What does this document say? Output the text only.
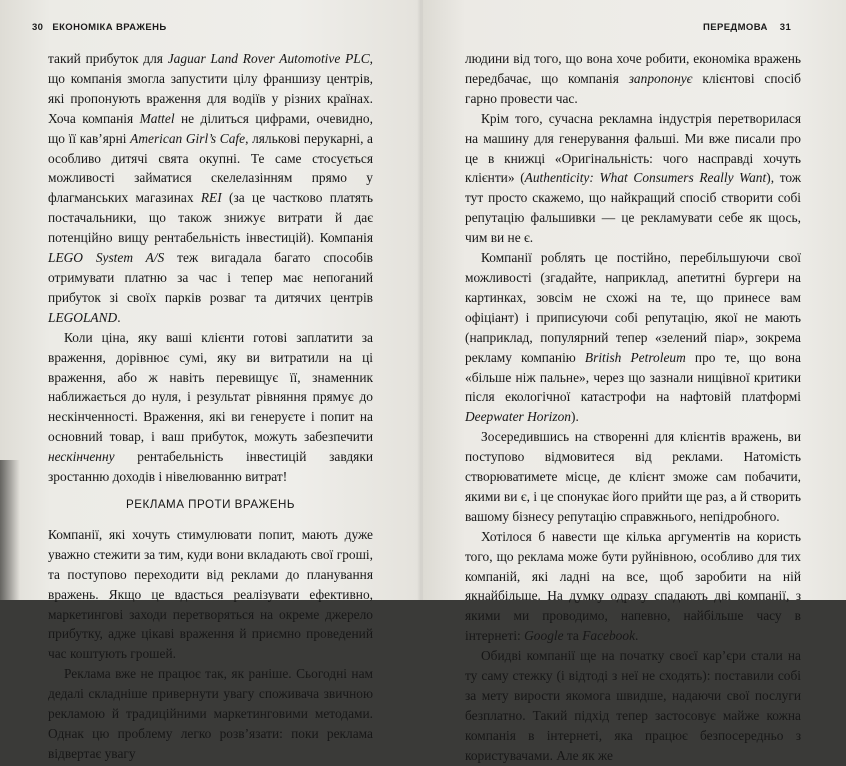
30 ЕКОНОМІКА ВРАЖЕНЬ

такий прибуток для Jaguar Land Rover Automotive PLC, що компанія змогла запустити цілу франшизу центрів, які пропонують враження для водіїв у різних країнах. Хоча компанія Mattel не ділиться цифрами, очевидно, що її кав’ярні American Girl’s Cafe, лялькові перукарні, а особливо дитячі свята окупні. Те саме стосується можливості займатися скелелазінням прямо у флагманських магазинах REI (за це частково платять постачальники, що також знижує витрати й дає потенційно вищу рентабельність інвестицій). Компанія LEGO System A/S теж вигадала багато способів отримувати платню за час і тепер має непоганий прибуток зі своїх парків розваг та дитячих центрів LEGOLAND.

Коли ціна, яку ваші клієнти готові заплатити за враження, дорівнює сумі, яку ви витратили на ці враження, або ж навіть перевищує її, знаменник наближається до нуля, і результат рівняння прямує до нескінченності. Враження, які ви генеруєте і попит на основний товар, і ваш прибуток, можуть забезпечити нескінченну рентабельність інвестицій завдяки зростанню доходів і нівелюванню витрат!

РЕКЛАМА ПРОТИ ВРАЖЕНЬ

Компанії, які хочуть стимулювати попит, мають дуже уважно стежити за тим, куди вони вкладають свої гроші, та поступово переходити від реклами до планування вражень. Якщо це вдасться реалізувати ефективно, маркетингові заходи перетворяться на окреме джерело прибутку, адже цікаві враження й приємно проведений час коштують грошей.

Реклама вже не працює так, як раніше. Сьогодні нам дедалі складніше привернути увагу споживача звичною рекламою й традиційними маркетинговими методами. Однак цю проблему легко розв’язати: поки реклама відвертає увагу

ПЕРЕДМОВА 31

людини від того, що вона хоче робити, економіка вражень передбачає, що компанія запропонує клієнтові спосіб гарно провести час.

Крім того, сучасна рекламна індустрія перетворилася на машину для генерування фальші. Ми вже писали про це в книжці «Оригінальність: чого насправді хочуть клієнти» (Authenticity: What Consumers Really Want), тож тут просто скажемо, що найкращий спосіб створити собі репутацію фальшивки — це рекламувати себе як щось, чим ви не є.

Компанії роблять це постійно, перебільшуючи свої можливості (згадайте, наприклад, апетитні бургери на картинках, зовсім не схожі на те, що принесе вам офіціант) і приписуючи собі репутацію, якої не мають (наприклад, популярний тепер «зелений піар», зокрема рекламу компанію British Petroleum про те, що вона «більше ніж пальне», через що зазнали нищівної критики після екологічної катастрофи на нафтовій платформі Deepwater Horizon).

Зосередившись на створенні для клієнтів вражень, ви поступово відмовитеся від реклами. Натомість створюватимете місце, де клієнт зможе сам побачити, якими ви є, і це спонукає його прийти ще раз, а й створить вашому бізнесу репутацію справжнього, непідробного.

Хотілося б навести ще кілька аргументів на користь того, що реклама може бути руйнівною, особливо для тих компаній, які ладні на все, щоб заробити на ній якнайбільше. На думку одразу спадають дві компанії, з якими ми проводимо, напевно, найбільше часу в інтернеті: Google та Facebook.

Обидві компанії ще на початку своєї кар’єри стали на ту саму стежку (і відтоді з неї не сходять): поставили собі за мету вирости якомога швидше, надаючи свої послуги безплатно. Такий підхід тепер застосовує майже кожна компанія в інтернеті, яка працює безпосередньо з користувачами. Але як же
